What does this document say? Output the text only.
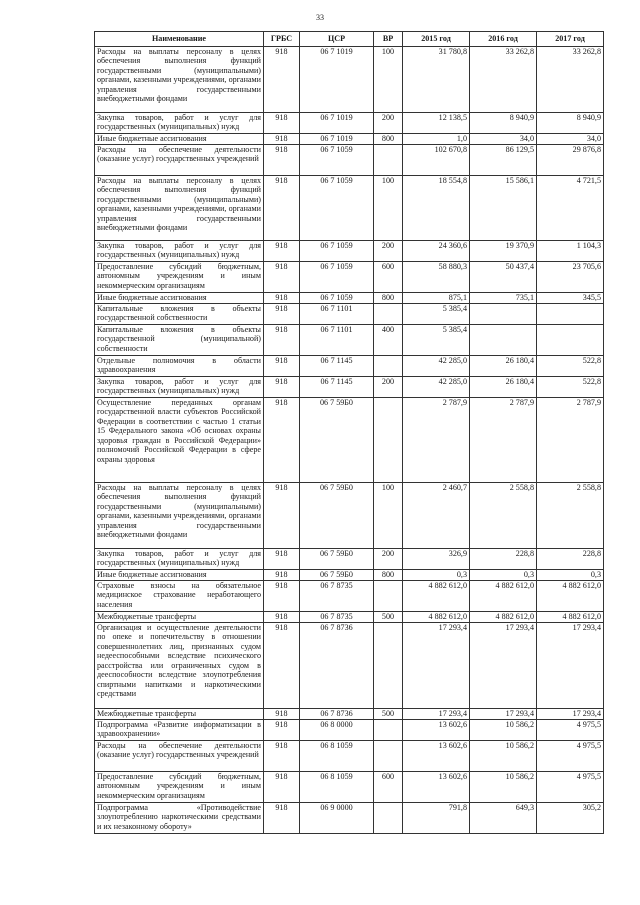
33
Наименование	ГРБС	ЦСР	ВР	2015 год	2016 год	2017 год
Расходы на выплаты персоналу в целях обеспечения выполнения функций государственными (муниципальными) органами, казенными учреждениями, органами управления государственными внебюджетными фондами	918	06 7 1019	100	31 780,8	33 262,8	33 262,8
Закупка товаров, работ и услуг для государственных (муниципальных) нужд	918	06 7 1019	200	12 138,5	8 940,9	8 940,9
Иные бюджетные ассигнования	918	06 7 1019	800	1,0	34,0	34,0
Расходы на обеспечение деятельности (оказание услуг) государственных учреждений	918	06 7 1059		102 670,8	86 129,5	29 876,8
Расходы на выплаты персоналу в целях обеспечения выполнения функций государственными (муниципальными) органами, казенными учреждениями, органами управления государственными внебюджетными фондами	918	06 7 1059	100	18 554,8	15 586,1	4 721,5
Закупка товаров, работ и услуг для государственных (муниципальных) нужд	918	06 7 1059	200	24 360,6	19 370,9	1 104,3
Предоставление субсидий бюджетным, автономным учреждениям и иным некоммерческим организациям	918	06 7 1059	600	58 880,3	50 437,4	23 705,6
Иные бюджетные ассигнования	918	06 7 1059	800	875,1	735,1	345,5
Капитальные вложения в объекты государственной собственности	918	06 7 1101		5 385,4		
Капитальные вложения в объекты государственной (муниципальной) собственности	918	06 7 1101	400	5 385,4		
Отдельные полномочия в области здравоохранения	918	06 7 1145		42 285,0	26 180,4	522,8
Закупка товаров, работ и услуг для государственных (муниципальных) нужд	918	06 7 1145	200	42 285,0	26 180,4	522,8
Осуществление переданных органам государственной власти субъектов Российской Федерации в соответствии с частью 1 статьи 15 Федерального закона «Об основах охраны здоровья граждан в Российской Федерации» полномочий Российской Федерации в сфере охраны здоровья	918	06 7 59Б0		2 787,9	2 787,9	2 787,9
Расходы на выплаты персоналу в целях обеспечения выполнения функций государственными (муниципальными) органами, казенными учреждениями, органами управления государственными внебюджетными фондами	918	06 7 59Б0	100	2 460,7	2 558,8	2 558,8
Закупка товаров, работ и услуг для государственных (муниципальных) нужд	918	06 7 59Б0	200	326,9	228,8	228,8
Иные бюджетные ассигнования	918	06 7 59Б0	800	0,3	0,3	0,3
Страховые взносы на обязательное медицинское страхование неработающего населения	918	06 7 8735		4 882 612,0	4 882 612,0	4 882 612,0
Межбюджетные трансферты	918	06 7 8735	500	4 882 612,0	4 882 612,0	4 882 612,0
Организация и осуществление деятельности по опеке и попечительству в отношении совершеннолетних лиц, признанных судом недееспособными вследствие психического расстройства или ограниченных судом в дееспособности вследствие злоупотребления спиртными напитками и наркотическими средствами	918	06 7 8736		17 293,4	17 293,4	17 293,4
Межбюджетные трансферты	918	06 7 8736	500	17 293,4	17 293,4	17 293,4
Подпрограмма «Развитие информатизации в здравоохранении»	918	06 8 0000		13 602,6	10 586,2	4 975,5
Расходы на обеспечение деятельности (оказание услуг) государственных учреждений	918	06 8 1059		13 602,6	10 586,2	4 975,5
Предоставление субсидий бюджетным, автономным учреждениям и иным некоммерческим организациям	918	06 8 1059	600	13 602,6	10 586,2	4 975,5
Подпрограмма «Противодействие злоупотреблению наркотическими средствами и их незаконному обороту»	918	06 9 0000		791,8	649,3	305,2
